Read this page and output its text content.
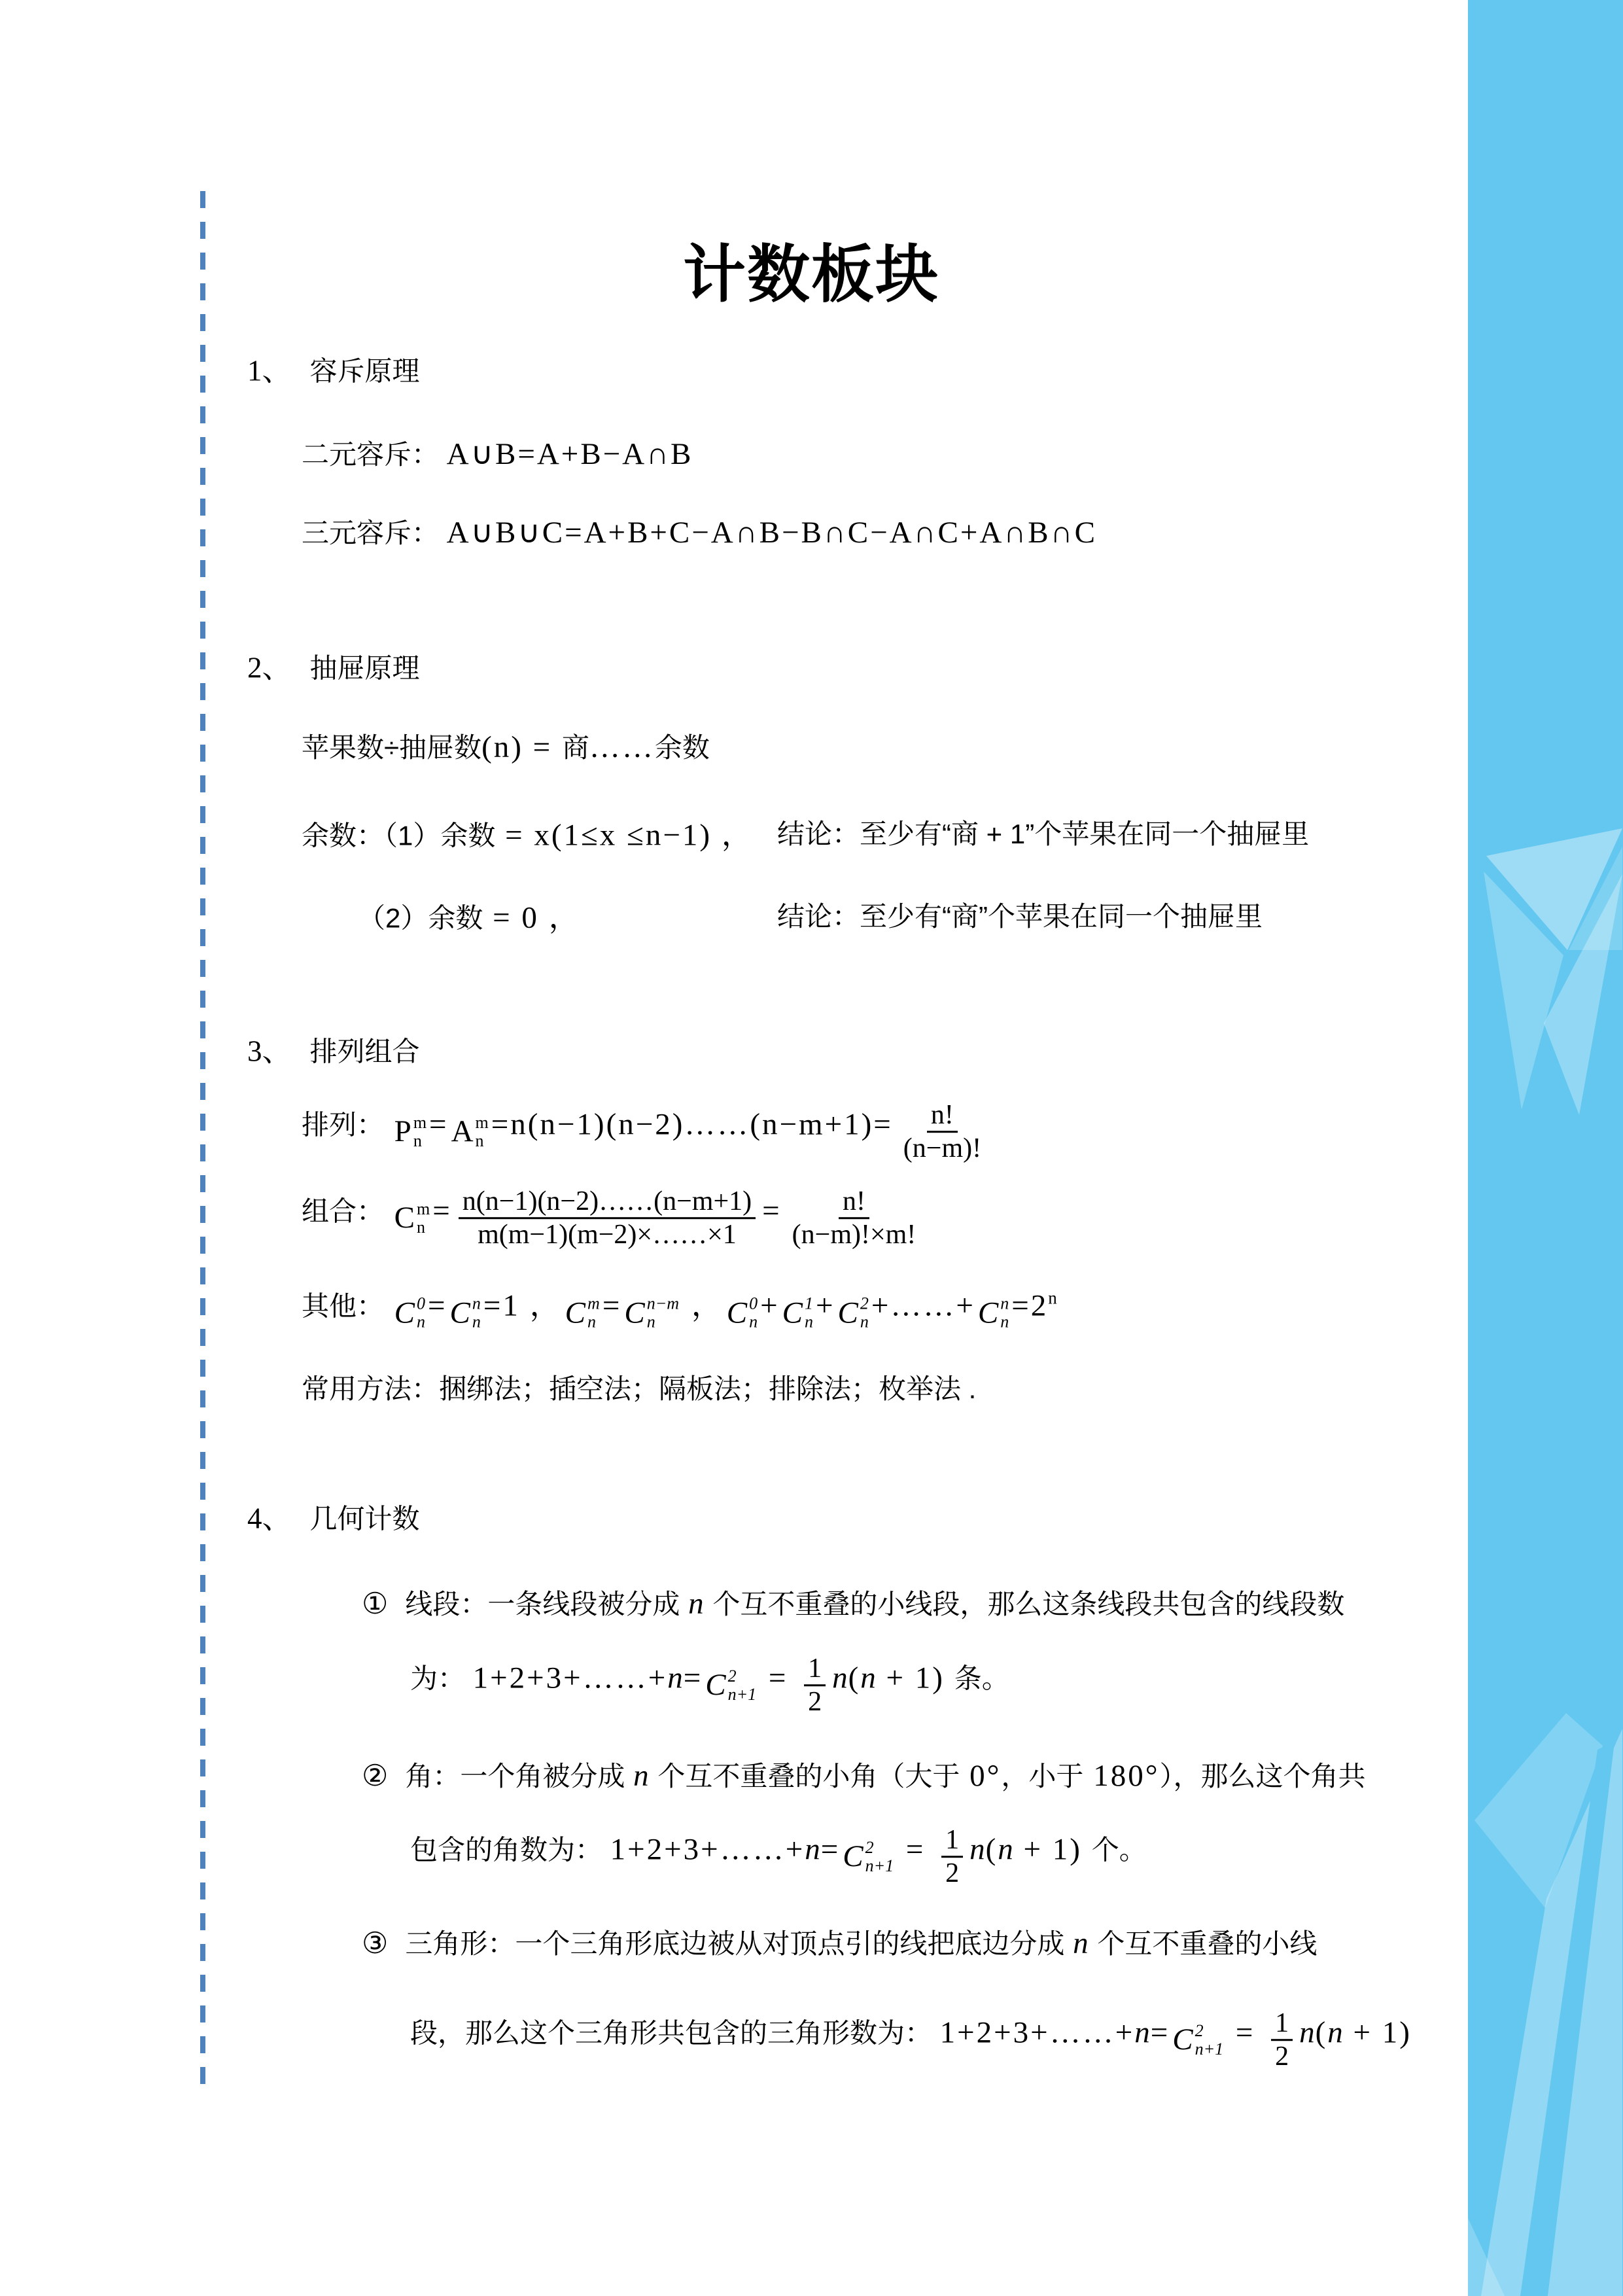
计数板块
1、 容斥原理
二元容斥： A∪B=A+B−A∩B
三元容斥： A∪B∪C=A+B+C−A∩B−B∩C−A∩C+A∩B∩C
2、 抽屉原理
苹果数÷抽屉数(n) = 商……余数
余数：（1）余数 = x(1≤x ≤n−1) ， 结论：至少有“商 + 1”个苹果在同一个抽屉里
（2）余数 = 0 ，	结论：至少有“商”个苹果在同一个抽屉里
3、 排列组合
排列： P m
n = A m
n =n(n−1)(n−2)……(n−m+1)= $\frac{n!}{(n-m)!}$
组合： C m
$n = \frac{n(n-1)(n-2)\dots\dots(n-m+1)}{m(m-1)(m-2)\times\dots\dots\times 1} = \frac{n!}{(n-m)!\times m!}$
其他： C 0
n = C n
n =1 ， C m
n = C n−m
n ， C 0
n + C 1
n + C 2
n +……+ C n
n =2n
常用方法：捆绑法；插空法；隔板法；排除法；枚举法 .
4、 几何计数
① 线段：一条线段被分成 n 个互不重叠的小线段，那么这条线段共包含的线段数
为： 1+2+3+……+n= C 2
$n+1 = \frac{1}{2} n(n + 1)$ 条。
② 角：一个角被分成 n 个互不重叠的小角（大于 0°，小于 180°），那么这个角共
包含的角数为： 1+2+3+……+n= C 2
$n+1 = \frac{1}{2} n(n + 1)$ 个。
③ 三角形：一个三角形底边被从对顶点引的线把底边分成 n 个互不重叠的小线
段，那么这个三角形共包含的三角形数为： 1+2+3+……+n= C 2
$n+1 = \frac{1}{2} n(n + 1)$
